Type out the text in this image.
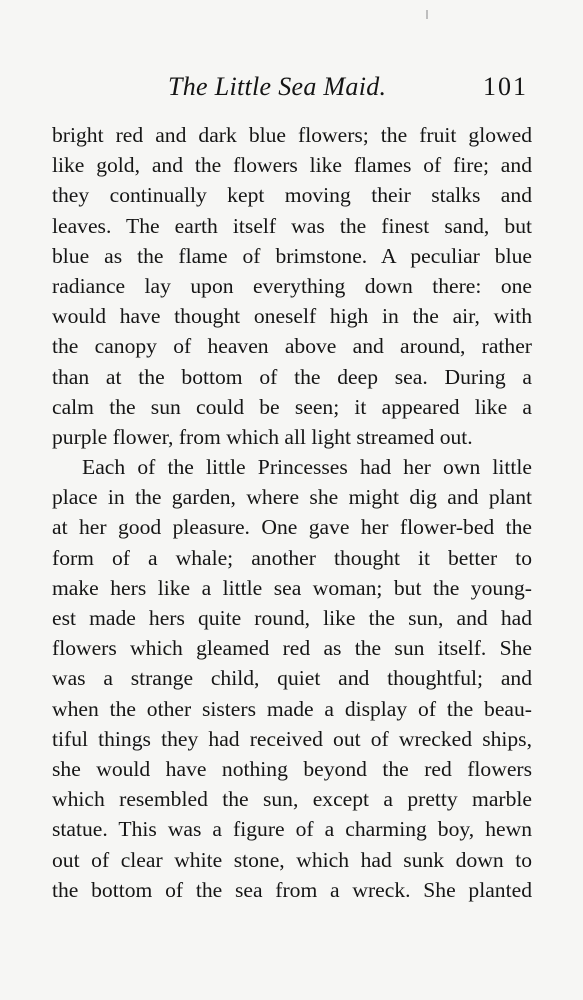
The Little Sea Maid.	101
bright red and dark blue flowers; the fruit glowed
like gold, and the flowers like flames of fire; and
they continually kept moving their stalks and
leaves. The earth itself was the finest sand, but
blue as the flame of brimstone. A peculiar blue
radiance lay upon everything down there: one
would have thought oneself high in the air, with
the canopy of heaven above and around, rather
than at the bottom of the deep sea. During a
calm the sun could be seen; it appeared like a
purple flower, from which all light streamed out.
Each of the little Princesses had her own little
place in the garden, where she might dig and plant
at her good pleasure. One gave her flower-bed the
form of a whale; another thought it better to
make hers like a little sea woman; but the young-
est made hers quite round, like the sun, and had
flowers which gleamed red as the sun itself. She
was a strange child, quiet and thoughtful; and
when the other sisters made a display of the beau-
tiful things they had received out of wrecked ships,
she would have nothing beyond the red flowers
which resembled the sun, except a pretty marble
statue. This was a figure of a charming boy, hewn
out of clear white stone, which had sunk down to
the bottom of the sea from a wreck. She planted
